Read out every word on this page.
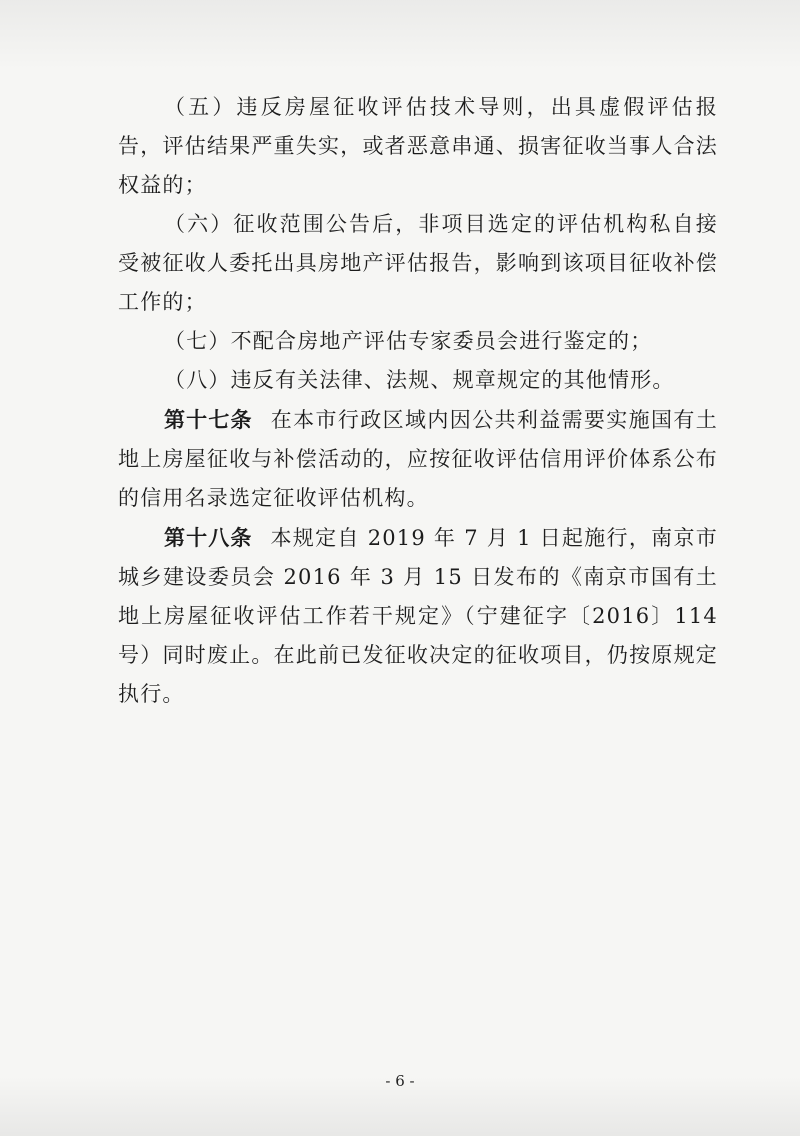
（五）违反房屋征收评估技术导则，出具虚假评估报告，评估结果严重失实，或者恶意串通、损害征收当事人合法权益的；

（六）征收范围公告后，非项目选定的评估机构私自接受被征收人委托出具房地产评估报告，影响到该项目征收补偿工作的；

（七）不配合房地产评估专家委员会进行鉴定的；

（八）违反有关法律、法规、规章规定的其他情形。

第十七条 在本市行政区域内因公共利益需要实施国有土地上房屋征收与补偿活动的，应按征收评估信用评价体系公布的信用名录选定征收评估机构。

第十八条 本规定自 2019 年 7 月 1 日起施行，南京市城乡建设委员会 2016 年 3 月 15 日发布的《南京市国有土地上房屋征收评估工作若干规定》（宁建征字〔2016〕114 号）同时废止。在此前已发征收决定的征收项目，仍按原规定执行。

- 6 -
